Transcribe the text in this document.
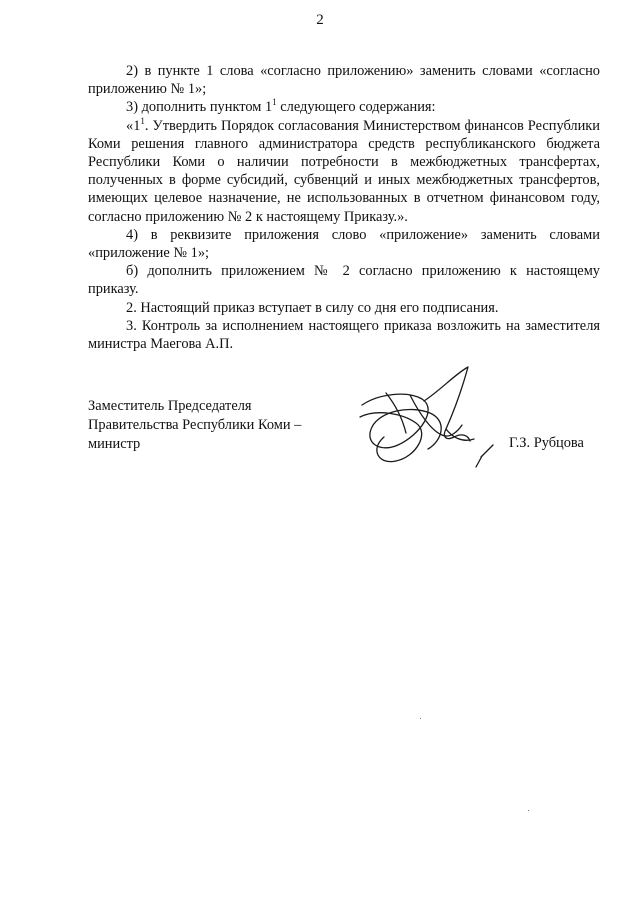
2

2) в пункте 1 слова «согласно приложению» заменить словами «согласно приложению № 1»;

3) дополнить пунктом $1^1$ следующего содержания:

«$1^1$. Утвердить Порядок согласования Министерством финансов Республики Коми решения главного администратора средств республиканского бюджета Республики Коми о наличии потребности в межбюджетных трансфертах, полученных в форме субсидий, субвенций и иных межбюджетных трансфертов, имеющих целевое назначение, не использованных в отчетном финансовом году, согласно приложению № 2 к настоящему Приказу.».

4) в реквизите приложения слово «приложение» заменить словами «приложение № 1»;

б) дополнить приложением № 2 согласно приложению к настоящему приказу.

2. Настоящий приказ вступает в силу со дня его подписания.

3. Контроль за исполнением настоящего приказа возложить на заместителя министра Маегова А.П.

Заместитель Председателя
Правительства Республики Коми –
министр	Г.З. Рубцова
